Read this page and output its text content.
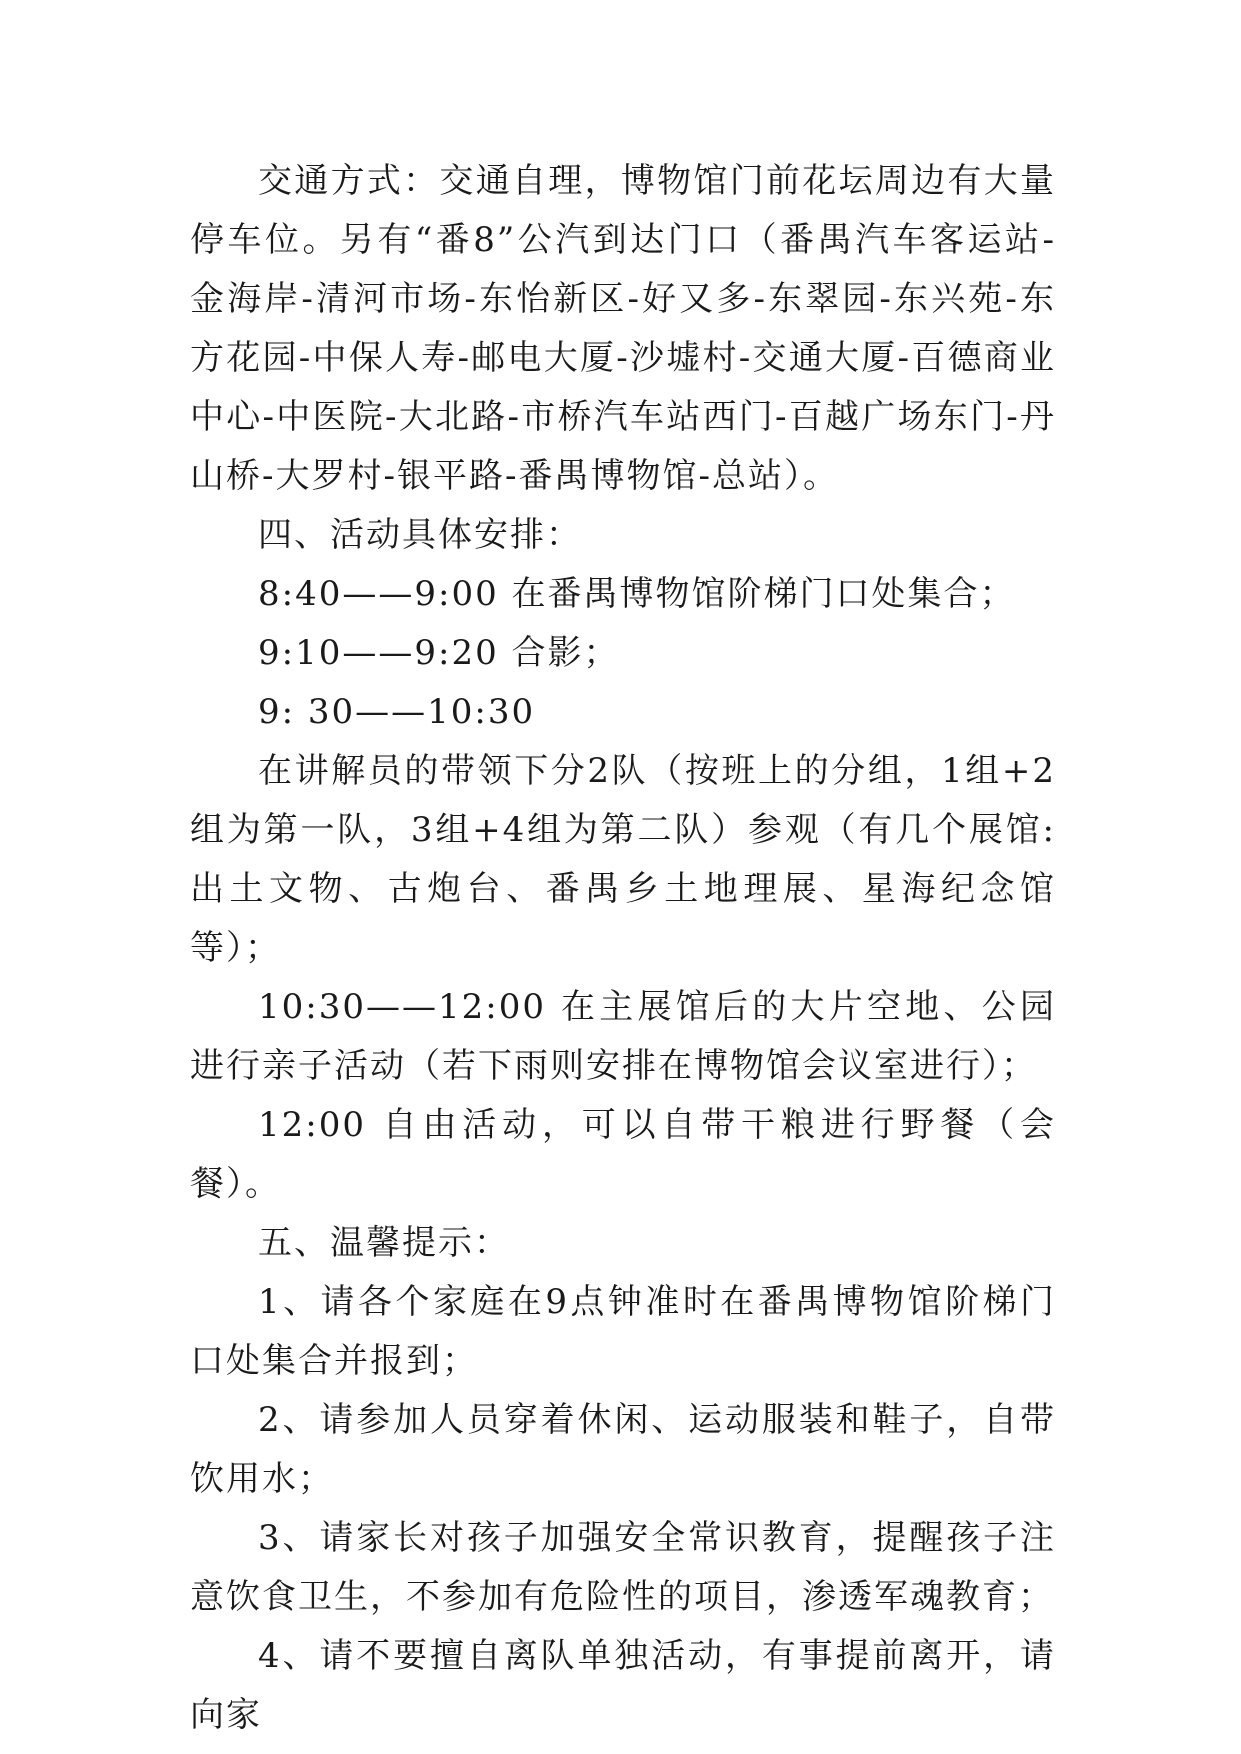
交通方式：交通自理，博物馆门前花坛周边有大量停车位。另有“番8”公汽到达门口（番禺汽车客运站-金海岸-清河市场-东怡新区-好又多-东翠园-东兴苑-东方花园-中保人寿-邮电大厦-沙墟村-交通大厦-百德商业中心-中医院-大北路-市桥汽车站西门-百越广场东门-丹山桥-大罗村-银平路-番禺博物馆-总站）。

四、活动具体安排：

8:40——9:00 在番禺博物馆阶梯门口处集合；

9:10——9:20 合影；

9: 30——10:30

在讲解员的带领下分2队（按班上的分组，1组+2组为第一队，3组+4组为第二队）参观（有几个展馆: 出土文物、古炮台、番禺乡土地理展、星海纪念馆等）；

10:30——12:00 在主展馆后的大片空地、公园进行亲子活动（若下雨则安排在博物馆会议室进行）；

12:00 自由活动，可以自带干粮进行野餐（会餐）。

五、温馨提示：

1、请各个家庭在9点钟准时在番禺博物馆阶梯门口处集合并报到；

2、请参加人员穿着休闲、运动服装和鞋子，自带饮用水；

3、请家长对孩子加强安全常识教育，提醒孩子注意饮食卫生，不参加有危险性的项目，渗透军魂教育；

4、请不要擅自离队单独活动，有事提前离开，请向家
